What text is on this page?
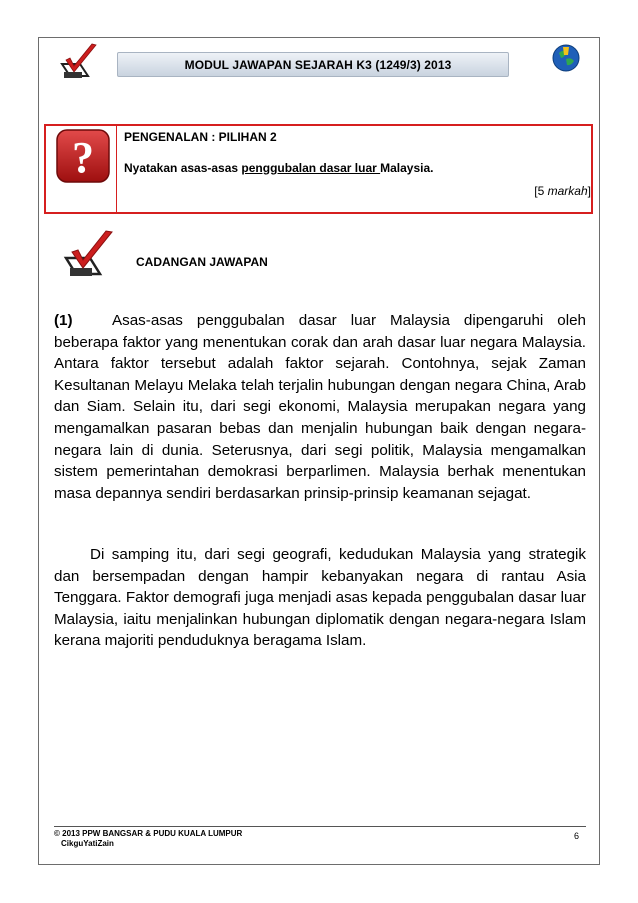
MODUL JAWAPAN SEJARAH K3 (1249/3) 2013
?	PENGENALAN : PILIHAN 2
Nyatakan asas-asas penggubalan dasar luar Malaysia.
[5 markah]
CADANGAN JAWAPAN

(1)	Asas-asas penggubalan dasar luar Malaysia dipengaruhi oleh beberapa faktor yang menentukan corak dan arah dasar luar negara Malaysia. Antara faktor tersebut adalah faktor sejarah. Contohnya, sejak Zaman Kesultanan Melayu Melaka telah terjalin hubungan dengan negara China, Arab dan Siam. Selain itu, dari segi ekonomi, Malaysia merupakan negara yang mengamalkan pasaran bebas dan menjalin hubungan baik dengan negara-negara lain di dunia. Seterusnya, dari segi politik, Malaysia mengamalkan sistem pemerintahan demokrasi berparlimen. Malaysia berhak menentukan masa depannya sendiri berdasarkan prinsip-prinsip keamanan sejagat.

Di samping itu, dari segi geografi, kedudukan Malaysia yang strategik dan bersempadan dengan hampir kebanyakan negara di rantau Asia Tenggara. Faktor demografi juga menjadi asas kepada penggubalan dasar luar Malaysia, iaitu menjalinkan hubungan diplomatik dengan negara-negara Islam kerana majoriti penduduknya beragama Islam.

© 2013 PPW BANGSAR & PUDU KUALA LUMPUR
CikguYatiZain
6
